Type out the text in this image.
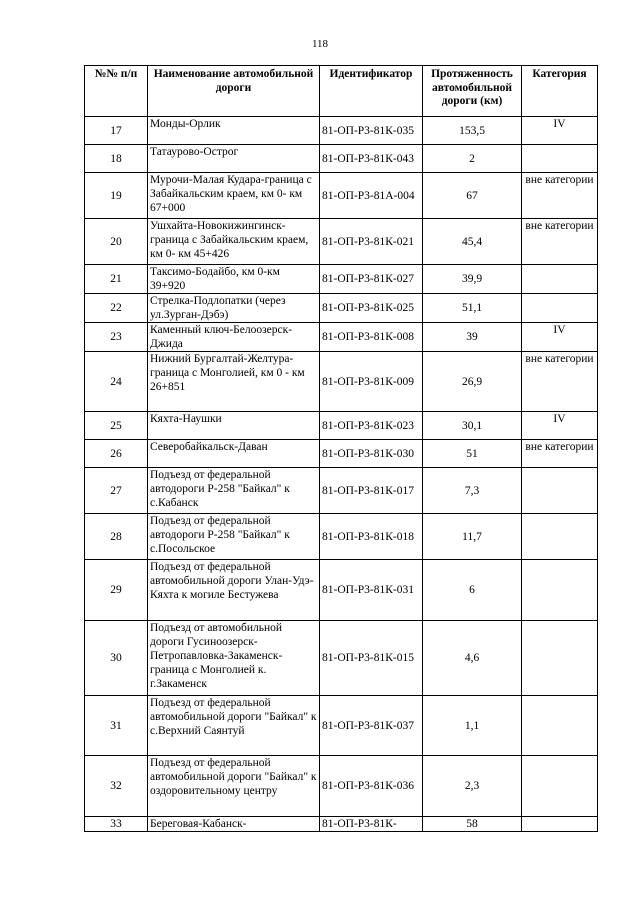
118
№№ п/п	Наименование автомобильной дороги	Идентификатор	Протяженность автомобильной дороги (км)	Категория
17	Монды-Орлик	81-ОП-Р3-81К-035	153,5	IV
18	Татаурово-Острог	81-ОП-Р3-81К-043	2	
19	Мурочи-Малая Кудара-граница с Забайкальским краем, км 0- км 67+000	81-ОП-Р3-81А-004	67	вне категории
20	Ушхайта-Новокижингинск-граница с Забайкальским краем, км 0- км 45+426	81-ОП-Р3-81К-021	45,4	вне категории
21	Таксимо-Бодайбо, км 0-км 39+920	81-ОП-Р3-81К-027	39,9	
22	Стрелка-Подлопатки (через ул.Зурган-Дэбэ)	81-ОП-Р3-81К-025	51,1	
23	Каменный ключ-Белоозерск-Джида	81-ОП-Р3-81К-008	39	IV
24	Нижний Бургалтай-Желтура-граница с Монголией, км 0 - км 26+851	81-ОП-Р3-81К-009	26,9	вне категории
25	Кяхта-Наушки	81-ОП-Р3-81К-023	30,1	IV
26	Северобайкальск-Даван	81-ОП-Р3-81К-030	51	вне категории
27	Подъезд от федеральной автодороги Р-258 "Байкал" к с.Кабанск	81-ОП-Р3-81К-017	7,3	
28	Подъезд от федеральной автодороги Р-258 "Байкал" к с.Посольское	81-ОП-Р3-81К-018	11,7	
29	Подъезд от федеральной автомобильной дороги Улан-Удэ-Кяхта к могиле Бестужева	81-ОП-Р3-81К-031	6	
30	Подъезд от автомобильной дороги Гусиноозерск-Петропавловка-Закаменск-граница с Монголией к. г.Закаменск	81-ОП-Р3-81К-015	4,6	
31	Подъезд от федеральной автомобильной дороги "Байкал" к с.Верхний Саянтуй	81-ОП-Р3-81К-037	1,1	
32	Подъезд от федеральной автомобильной дороги "Байкал" к оздоровительному центру	81-ОП-Р3-81К-036	2,3	
33	Береговая-Кабанск-	81-ОП-Р3-81К-	58	
